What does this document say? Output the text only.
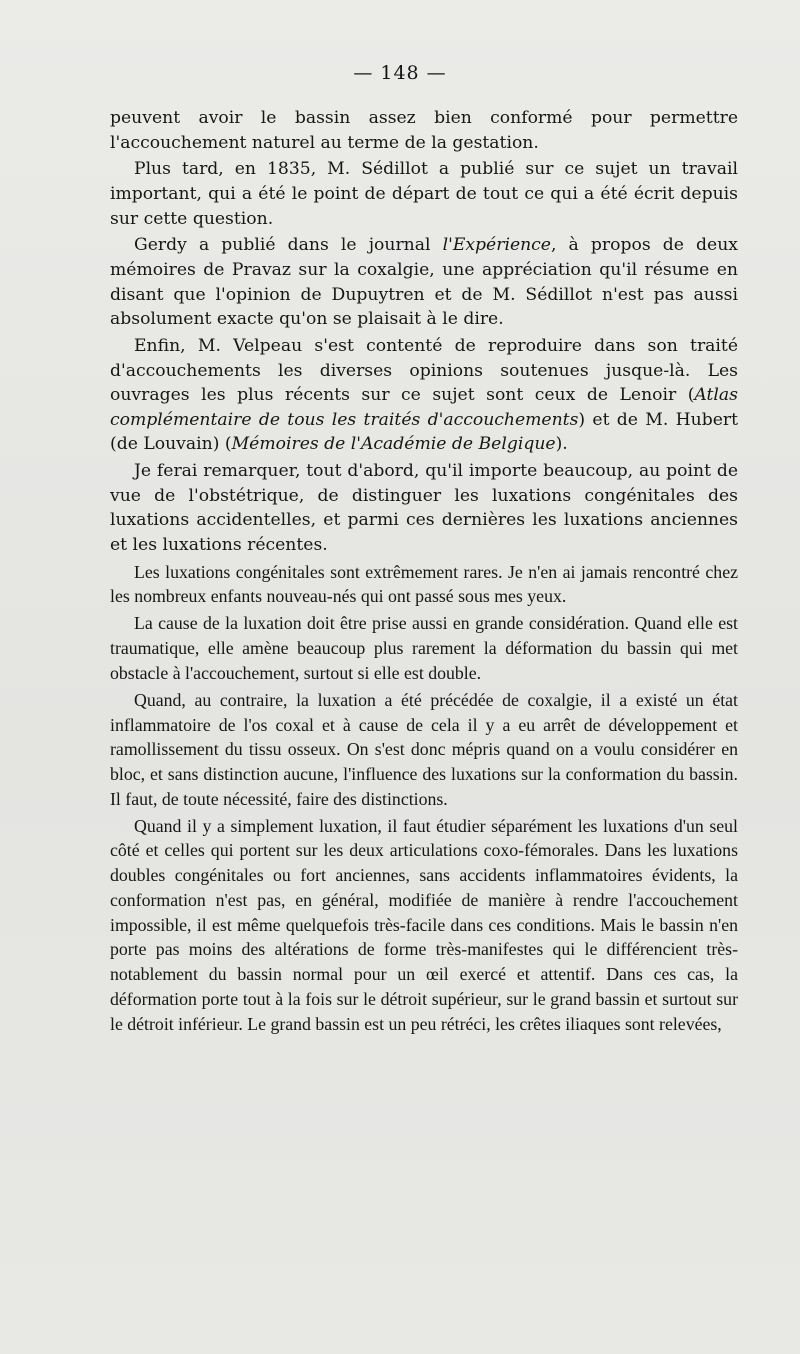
— 148 —

peuvent avoir le bassin assez bien conformé pour permettre l'accouchement naturel au terme de la gestation.

Plus tard, en 1835, M. Sédillot a publié sur ce sujet un travail important, qui a été le point de départ de tout ce qui a été écrit depuis sur cette question.

Gerdy a publié dans le journal l'Expérience, à propos de deux mémoires de Pravaz sur la coxalgie, une appréciation qu'il résume en disant que l'opinion de Dupuytren et de M. Sédillot n'est pas aussi absolument exacte qu'on se plaisait à le dire.

Enfin, M. Velpeau s'est contenté de reproduire dans son traité d'accouchements les diverses opinions soutenues jusque-là. Les ouvrages les plus récents sur ce sujet sont ceux de Lenoir (Atlas complémentaire de tous les traités d'accouchements) et de M. Hubert (de Louvain) (Mémoires de l'Académie de Belgique).

Je ferai remarquer, tout d'abord, qu'il importe beaucoup, au point de vue de l'obstétrique, de distinguer les luxations congénitales des luxations accidentelles, et parmi ces dernières les luxations anciennes et les luxations récentes.

Les luxations congénitales sont extrêmement rares. Je n'en ai jamais rencontré chez les nombreux enfants nouveau-nés qui ont passé sous mes yeux.

La cause de la luxation doit être prise aussi en grande considération. Quand elle est traumatique, elle amène beaucoup plus rarement la déformation du bassin qui met obstacle à l'accouchement, surtout si elle est double.

Quand, au contraire, la luxation a été précédée de coxalgie, il a existé un état inflammatoire de l'os coxal et à cause de cela il y a eu arrêt de développement et ramollissement du tissu osseux. On s'est donc mépris quand on a voulu considérer en bloc, et sans distinction aucune, l'influence des luxations sur la conformation du bassin. Il faut, de toute nécessité, faire des distinctions.

Quand il y a simplement luxation, il faut étudier séparément les luxations d'un seul côté et celles qui portent sur les deux articulations coxo-fémorales. Dans les luxations doubles congénitales ou fort anciennes, sans accidents inflammatoires évidents, la conformation n'est pas, en général, modifiée de manière à rendre l'accouchement impossible, il est même quelquefois très-facile dans ces conditions. Mais le bassin n'en porte pas moins des altérations de forme très-manifestes qui le différencient très-notablement du bassin normal pour un œil exercé et attentif. Dans ces cas, la déformation porte tout à la fois sur le détroit supérieur, sur le grand bassin et surtout sur le détroit inférieur. Le grand bassin est un peu rétréci, les crêtes iliaques sont relevées,
